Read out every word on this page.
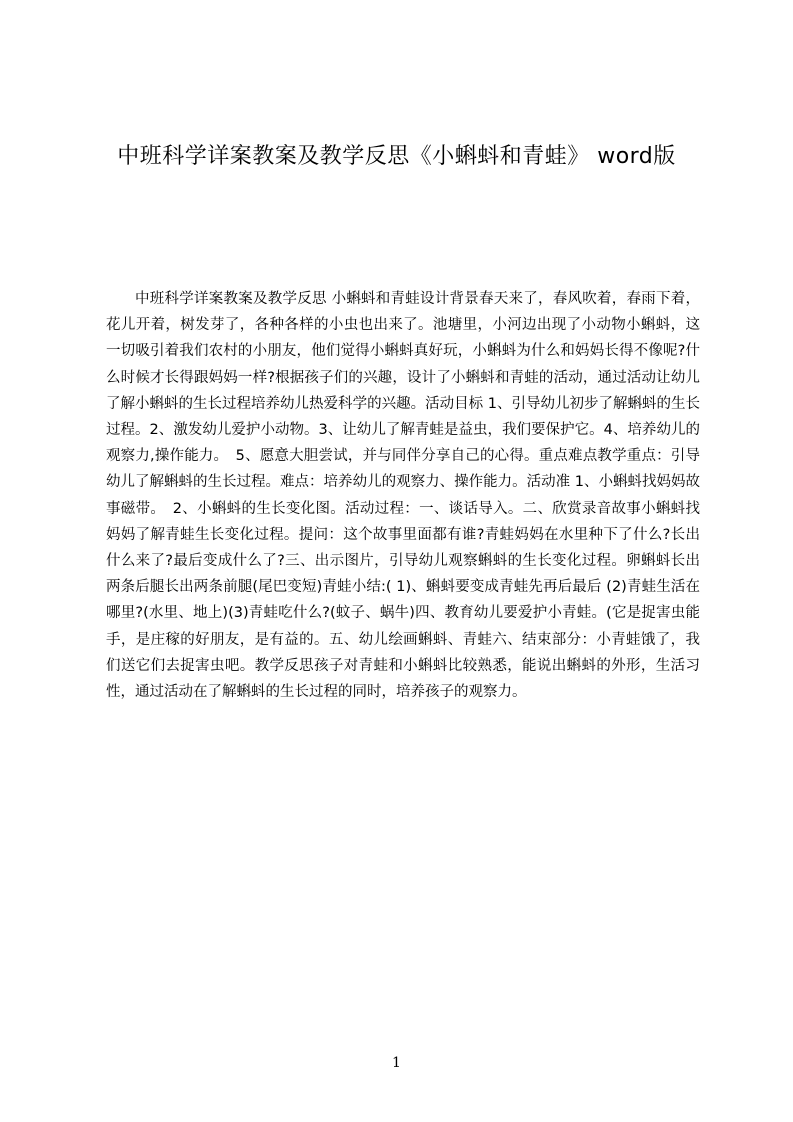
中班科学详案教案及教学反思《小蝌蚪和青蛙》 word版

中班科学详案教案及教学反思 小蝌蚪和青蛙设计背景春天来了，春风吹着，春雨下着，花儿开着，树发芽了，各种各样的小虫也出来了。池塘里，小河边出现了小动物小蝌蚪，这一切吸引着我们农村的小朋友，他们觉得小蝌蚪真好玩，小蝌蚪为什么和妈妈长得不像呢?什么时候才长得跟妈妈一样?根据孩子们的兴趣，设计了小蝌蚪和青蛙的活动，通过活动让幼儿了解小蝌蚪的生长过程培养幼儿热爱科学的兴趣。活动目标 1、引导幼儿初步了解蝌蚪的生长过程。2、激发幼儿爱护小动物。3、让幼儿了解青蛙是益虫，我们要保护它。4、培养幼儿的观察力,操作能力。　5、愿意大胆尝试，并与同伴分享自己的心得。重点难点教学重点：引导幼儿了解蝌蚪的生长过程。难点：培养幼儿的观察力、操作能力。活动准 1、小蝌蚪找妈妈故事磁带。　2、小蝌蚪的生长变化图。活动过程：一、谈话导入。二、欣赏录音故事小蝌蚪找妈妈了解青蛙生长变化过程。提问：这个故事里面都有谁?青蛙妈妈在水里种下了什么?长出什么来了?最后变成什么了?三、出示图片，引导幼儿观察蝌蚪的生长变化过程。卵蝌蚪长出两条后腿长出两条前腿(尾巴变短)青蛙小结:( 1)、蝌蚪要变成青蛙先再后最后 (2)青蛙生活在哪里?(水里、地上)(3)青蛙吃什么?(蚊子、蜗牛)四、教育幼儿要爱护小青蛙。(它是捉害虫能手，是庄稼的好朋友，是有益的。五、幼儿绘画蝌蚪、青蛙六、结束部分：小青蛙饿了，我们送它们去捉害虫吧。教学反思孩子对青蛙和小蝌蚪比较熟悉，能说出蝌蚪的外形，生活习性，通过活动在了解蝌蚪的生长过程的同时，培养孩子的观察力。

1
